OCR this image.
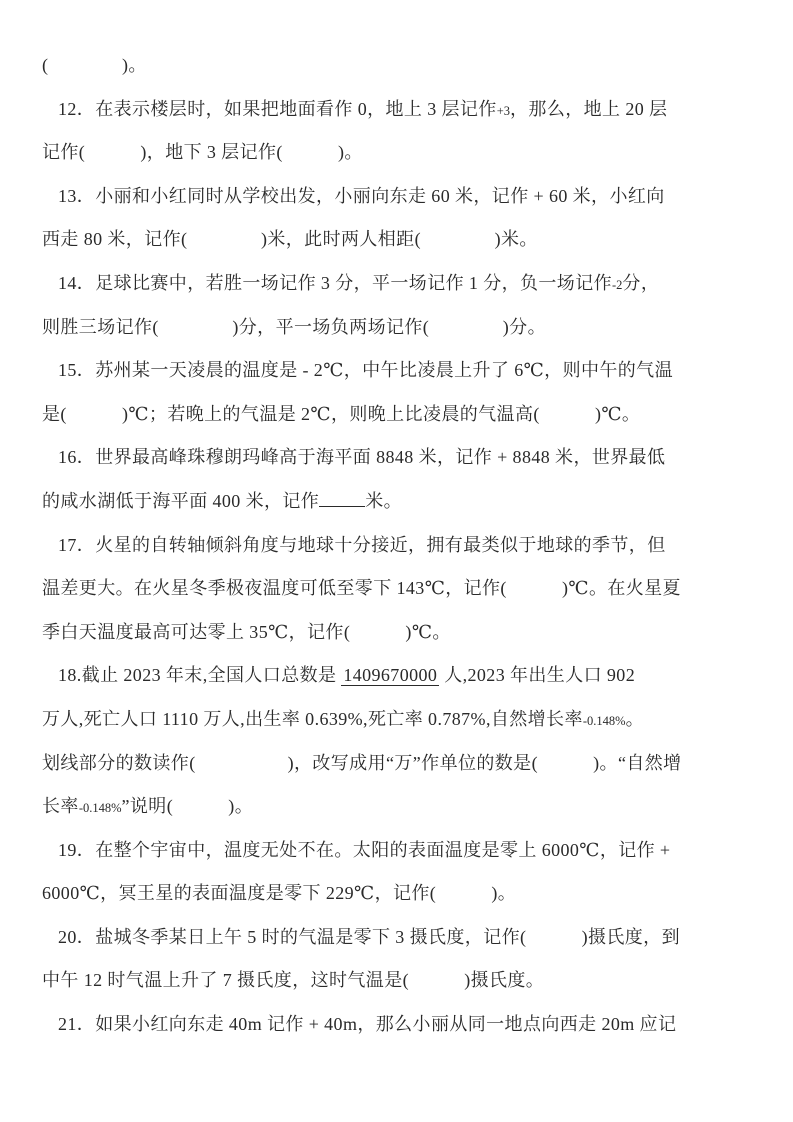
(　　　　)。
12．在表示楼层时，如果把地面看作 0，地上 3 层记作+3，那么，地上 20 层
记作(　　　)，地下 3 层记作(　　　)。
13．小丽和小红同时从学校出发，小丽向东走 60 米，记作 + 60 米，小红向
西走 80 米，记作(　　　　)米，此时两人相距(　　　　)米。
14．足球比赛中，若胜一场记作 3 分，平一场记作 1 分，负一场记作-2分，
则胜三场记作(　　　　)分，平一场负两场记作(　　　　)分。
15．苏州某一天凌晨的温度是 - 2℃，中午比凌晨上升了 6℃，则中午的气温
是(　　　)℃；若晚上的气温是 2℃，则晚上比凌晨的气温高(　　　)℃。
16．世界最高峰珠穆朗玛峰高于海平面 8848 米，记作 + 8848 米，世界最低
的咸水湖低于海平面 400 米，记作	米。
17．火星的自转轴倾斜角度与地球十分接近，拥有最类似于地球的季节，但
温差更大。在火星冬季极夜温度可低至零下 143℃，记作(　　　)℃。在火星夏
季白天温度最高可达零上 35℃，记作(　　　)℃。
18.截止 2023 年末,全国人口总数是 1409670000 人,2023 年出生人口 902
万人,死亡人口 1110 万人,出生率 0.639%,死亡率 0.787%,自然增长率-0.148%。
划线部分的数读作(　　　　　)，改写成用“万”作单位的数是(　　　)。“自然增
长率-0.148%”说明(　　　)。
19．在整个宇宙中，温度无处不在。太阳的表面温度是零上 6000℃，记作 +
6000℃，冥王星的表面温度是零下 229℃，记作(　　　)。
20．盐城冬季某日上午 5 时的气温是零下 3 摄氏度，记作(　　　)摄氏度，到
中午 12 时气温上升了 7 摄氏度，这时气温是(　　　)摄氏度。
21．如果小红向东走 40m 记作 + 40m，那么小丽从同一地点向西走 20m 应记
